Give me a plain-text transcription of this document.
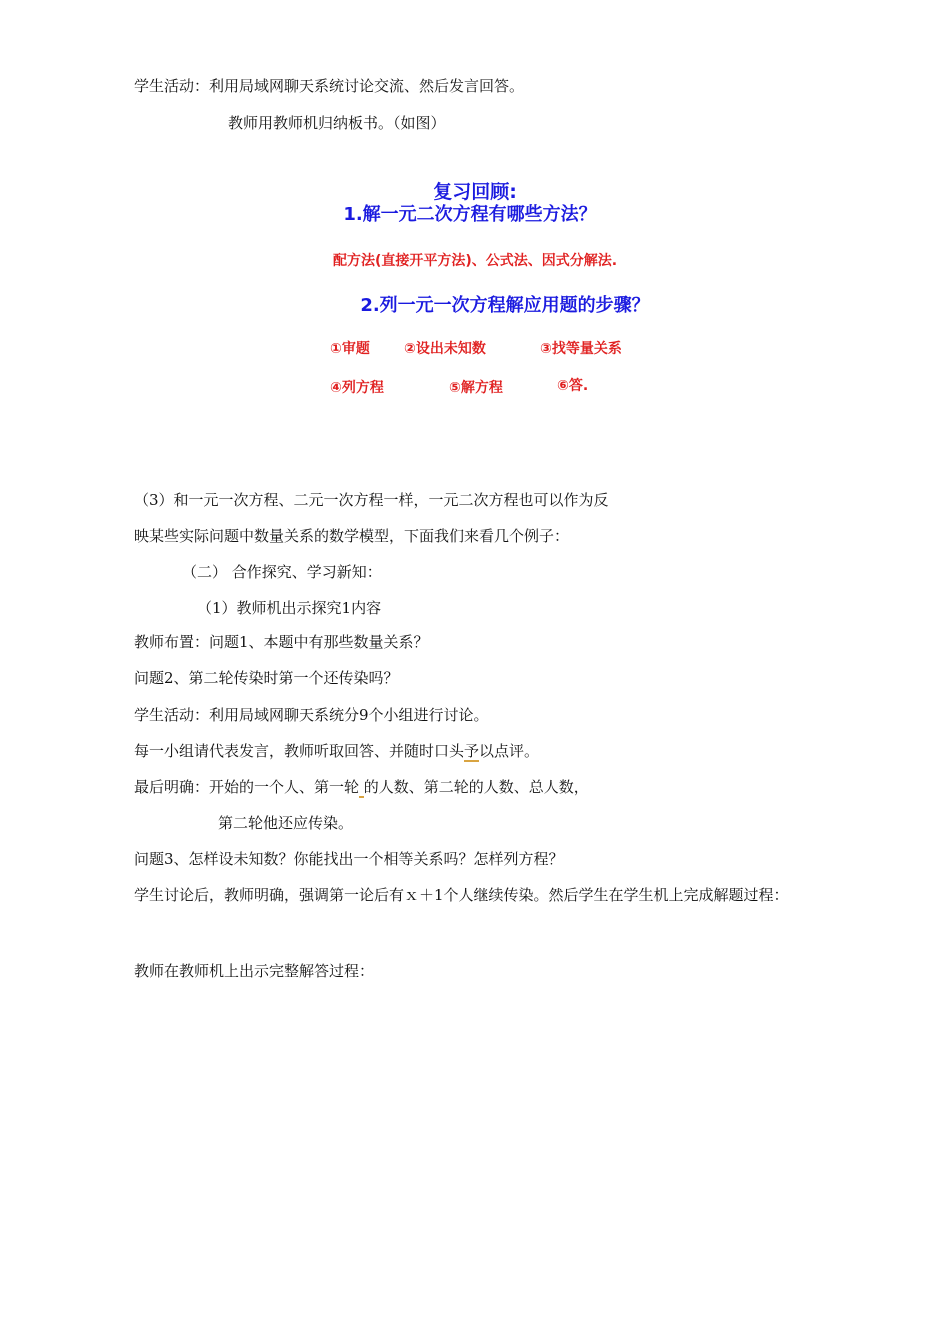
学生活动：利用局域网聊天系统讨论交流、然后发言回答。
教师用教师机归纳板书。（如图）
复习回顾:
1.解一元二次方程有哪些方法？
配方法(直接开平方法)、公式法、因式分解法.
2.列一元一次方程解应用题的步骤？
①审题 ②设出未知数	③找等量关系
④列方程	⑤解方程	⑥答.
（3）和一元一次方程、二元一次方程一样，一元二次方程也可以作为反
映某些实际问题中数量关系的数学模型，下面我们来看几个例子：
（二） 合作探究、学习新知：
（1）教师机出示探究1内容
教师布置：问题1、本题中有那些数量关系？
问题2、第二轮传染时第一个还传染吗？
学生活动：利用局域网聊天系统分9个小组进行讨论。
每一小组请代表发言，教师听取回答、并随时口头予以点评。
最后明确：开始的一个人、第一轮 的人数、第二轮的人数、总人数，
第二轮他还应传染。
问题3、怎样设未知数？你能找出一个相等关系吗？怎样列方程？
学生讨论后，教师明确，强调第一论后有ｘ＋1个人继续传染。然后学生在学生机上完成解题过程：
教师在教师机上出示完整解答过程：
